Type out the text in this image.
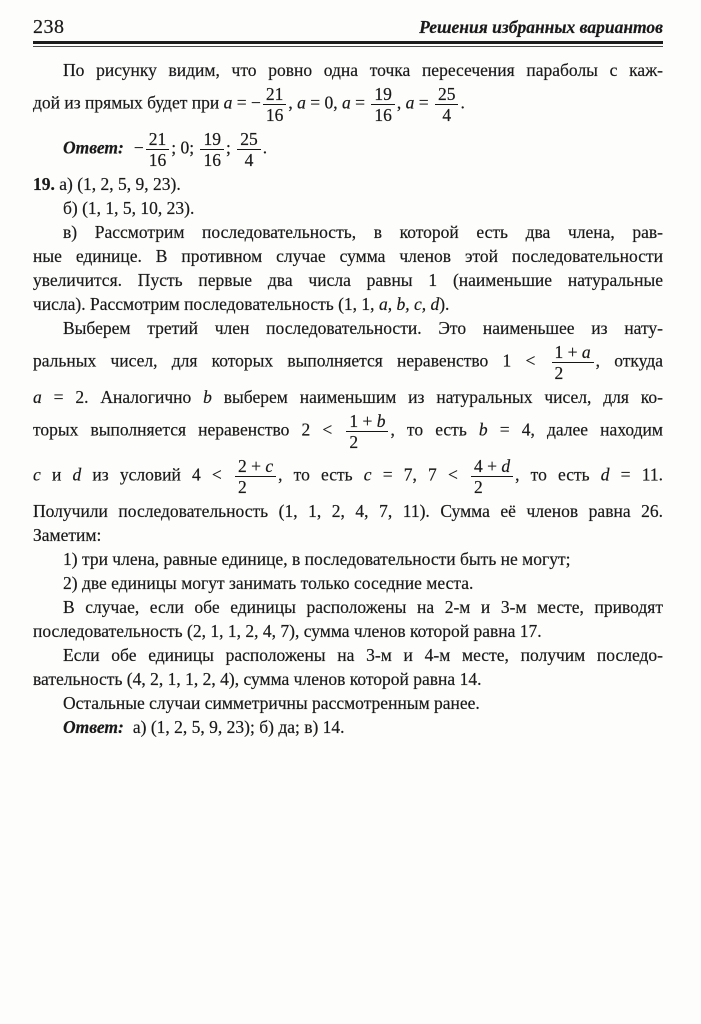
238	Решения избранных вариантов
По рисунку видим, что ровно одна точка пересечения параболы с каж-
дой из прямых будет при a = − $\frac{21}{16}$ , a = 0, $a = \frac{19}{16}$ , $a = \frac{25}{4}$ .
Ответ: − $\frac{21}{16}$ ; 0; $\frac{19}{16}$ ; $\frac{25}{4}$ .
19. а) (1, 2, 5, 9, 23).
б) (1, 1, 5, 10, 23).
в) Рассмотрим последовательность, в которой есть два члена, рав-
ные единице. В противном случае сумма членов этой последовательности
увеличится. Пусть первые два числа равны 1 (наименьшие натуральные
числа). Рассмотрим последовательность (1, 1, a, b, c, d).
Выберем третий член последовательности. Это наименьшее из нату-
ральных чисел, для которых выполняется неравенство $1 < \frac{1 + a}{2}$ , откуда
a = 2. Аналогично b выберем наименьшим из натуральных чисел, для ко-
торых выполняется неравенство $2 < \frac{1 + b}{2}$ , то есть b = 4, далее находим
c и d из условий $4 < \frac{2 + c}{2}$ , то есть c = 7, $7 < \frac{4 + d}{2}$ , то есть d = 11.
Получили последовательность (1, 1, 2, 4, 7, 11). Сумма её членов равна 26.
Заметим:
1) три члена, равные единице, в последовательности быть не могут;
2) две единицы могут занимать только соседние места.
В случае, если обе единицы расположены на 2-м и 3-м месте, приводят
последовательность (2, 1, 1, 2, 4, 7), сумма членов которой равна 17.
Если обе единицы расположены на 3-м и 4-м месте, получим последо-
вательность (4, 2, 1, 1, 2, 4), сумма членов которой равна 14.
Остальные случаи симметричны рассмотренным ранее.
Ответ: а) (1, 2, 5, 9, 23); б) да; в) 14.
